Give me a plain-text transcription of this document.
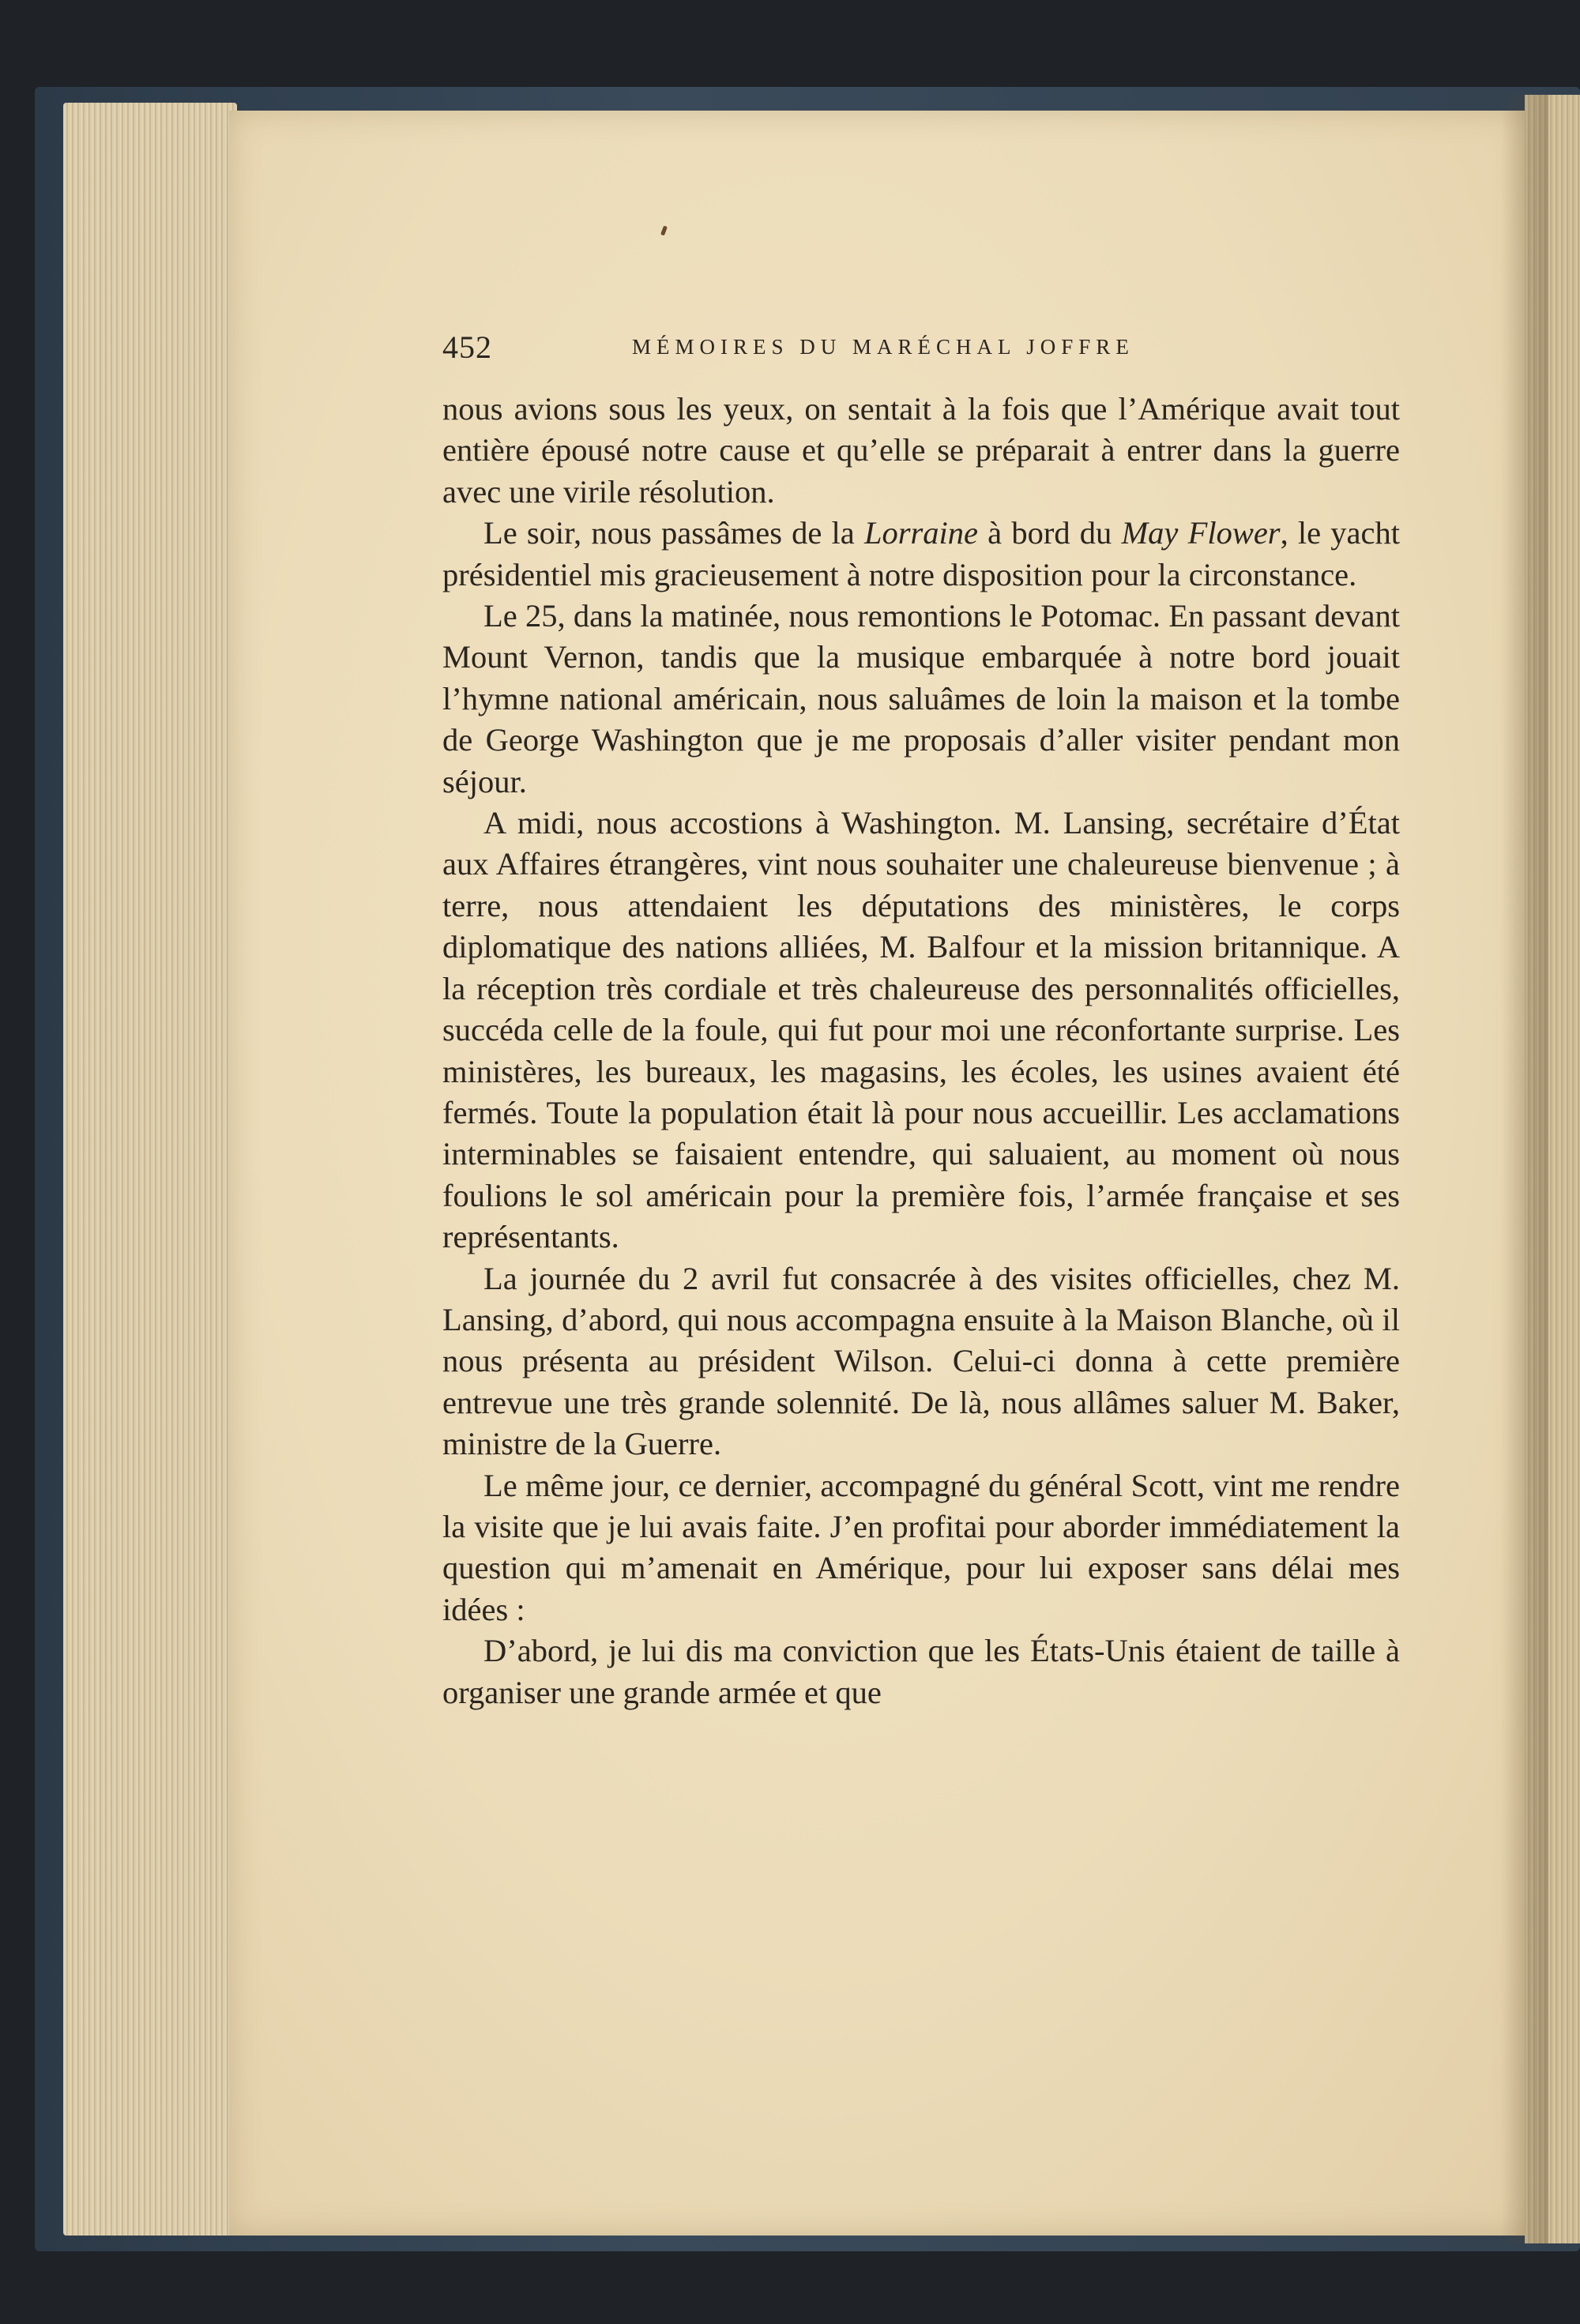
452	MÉMOIRES DU MARÉCHAL JOFFRE

nous avions sous les yeux, on sentait à la fois que l’Amérique avait tout entière épousé notre cause et qu’elle se préparait à entrer dans la guerre avec une virile résolution.

Le soir, nous passâmes de la Lorraine à bord du May Flower, le yacht présidentiel mis gracieusement à notre disposition pour la circonstance.

Le 25, dans la matinée, nous remontions le Potomac. En passant devant Mount Vernon, tandis que la musique embarquée à notre bord jouait l’hymne national américain, nous saluâmes de loin la maison et la tombe de George Washington que je me proposais d’aller visiter pendant mon séjour.

A midi, nous accostions à Washington. M. Lansing, secrétaire d’État aux Affaires étrangères, vint nous souhaiter une chaleureuse bienvenue ; à terre, nous attendaient les députations des ministères, le corps diplomatique des nations alliées, M. Balfour et la mission britannique. A la réception très cordiale et très chaleureuse des personnalités officielles, succéda celle de la foule, qui fut pour moi une réconfortante surprise. Les ministères, les bureaux, les magasins, les écoles, les usines avaient été fermés. Toute la population était là pour nous accueillir. Les acclamations interminables se faisaient entendre, qui saluaient, au moment où nous foulions le sol américain pour la première fois, l’armée française et ses représentants.

La journée du 2 avril fut consacrée à des visites officielles, chez M. Lansing, d’abord, qui nous accompagna ensuite à la Maison Blanche, où il nous présenta au président Wilson. Celui-ci donna à cette première entrevue une très grande solennité. De là, nous allâmes saluer M. Baker, ministre de la Guerre.

Le même jour, ce dernier, accompagné du général Scott, vint me rendre la visite que je lui avais faite. J’en profitai pour aborder immédiatement la question qui m’amenait en Amérique, pour lui exposer sans délai mes idées :

D’abord, je lui dis ma conviction que les États-Unis étaient de taille à organiser une grande armée et que
